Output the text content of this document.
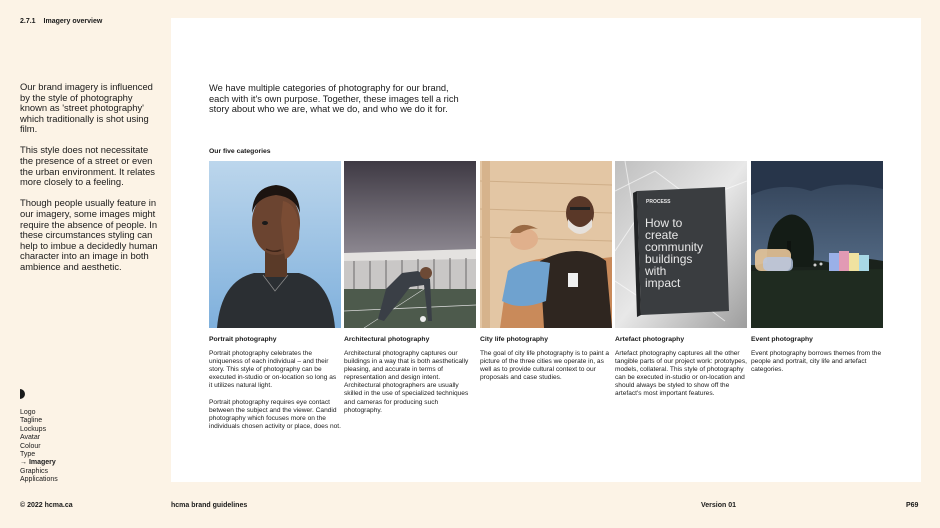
2.7.1 Imagery overview

Our brand imagery is influenced by the style of photography known as 'street photography' which traditionally is shot using film.

This style does not necessitate the presence of a street or even the urban environment. It relates more closely to a feeling.

Though people usually feature in our imagery, some images might require the absence of people. In these circumstances styling can help to imbue a decidedly human character into an image in both ambience and aesthetic.

Logo
Tagline
Lockups
Avatar
Colour
Type
→ Imagery
Graphics
Applications
We have multiple categories of photography for our brand, each with it's own purpose. Together, these images tell a rich story about who we are, what we do, and who we do it for.
Our five categories
Portrait photography

Portrait photography celebrates the uniqueness of each individual – and their story. This style of photography can be executed in-studio or on-location so long as it utilizes natural light.

Portrait photography requires eye contact between the subject and the viewer. Candid photography which focuses more on the individuals chosen activity or place, does not.

Architectural photography

Architectural photography captures our buildings in a way that is both aesthetically pleasing, and accurate in terms of representation and design intent. Architectural photographers are usually skilled in the use of specialized techniques and cameras for producing such photography.

City life photography

The goal of city life photography is to paint a picture of the three cities we operate in, as well as to provide cultural context to our proposals and case studies.

PROCESS
How to
create
community
buildings
with
impact
Artefact photography

Artefact photography captures all the other tangible parts of our project work: prototypes, models, collateral. This style of photography can be executed in-studio or on-location and should always be styled to show off the artefact's most important features.

Event photography

Event photography borrows themes from the people and portrait, city life and artefact categories.

© 2022 hcma.ca	hcma brand guidelines	Version 01	P69
